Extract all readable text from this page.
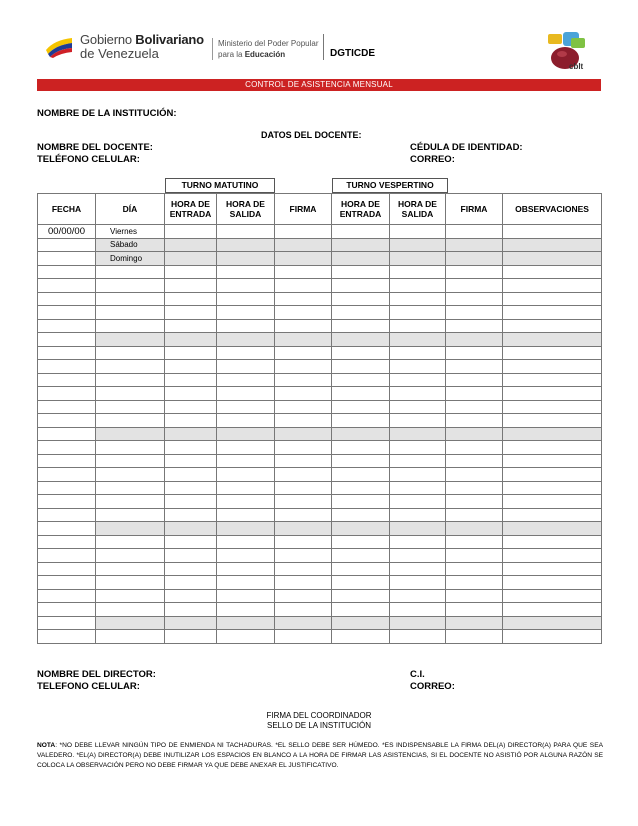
Gobierno Bolivariano
de Venezuela
Ministerio del Poder Popular
para la Educación	DGTICDE
cblt
CONTROL DE ASISTENCIA MENSUAL
NOMBRE DE LA INSTITUCIÓN:
DATOS DEL DOCENTE:
NOMBRE DEL DOCENTE:	CÉDULA DE IDENTIDAD:
TELÉFONO CELULAR:	CORREO:
TURNO MATUTINO	TURNO VESPERTINO
FECHA	DÍA	HORA DE ENTRADA	HORA DE SALIDA	FIRMA	HORA DE ENTRADA	HORA DE SALIDA	FIRMA	OBSERVACIONES
00/00/00	Viernes							
	Sábado							
	Domingo							

NOMBRE DEL DIRECTOR:	C.I.
TELEFONO CELULAR:	CORREO:
FIRMA DEL COORDINADOR
SELLO DE LA INSTITUCIÓN
NOTA: *NO DEBE LLEVAR NINGÚN TIPO DE ENMIENDA NI TACHADURAS. *EL SELLO DEBE SER HÚMEDO. *ES INDISPENSABLE LA FIRMA DEL(A) DIRECTOR(A) PARA QUE SEA VALEDERO. *EL(A) DIRECTOR(A) DEBE INUTILIZAR LOS ESPACIOS EN BLANCO A LA HORA DE FIRMAR LAS ASISTENCIAS, SI EL DOCENTE NO ASISTIÓ POR ALGUNA RAZÓN SE COLOCA LA OBSERVACIÓN PERO NO DEBE FIRMAR YA QUE DEBE ANEXAR EL JUSTIFICATIVO.
